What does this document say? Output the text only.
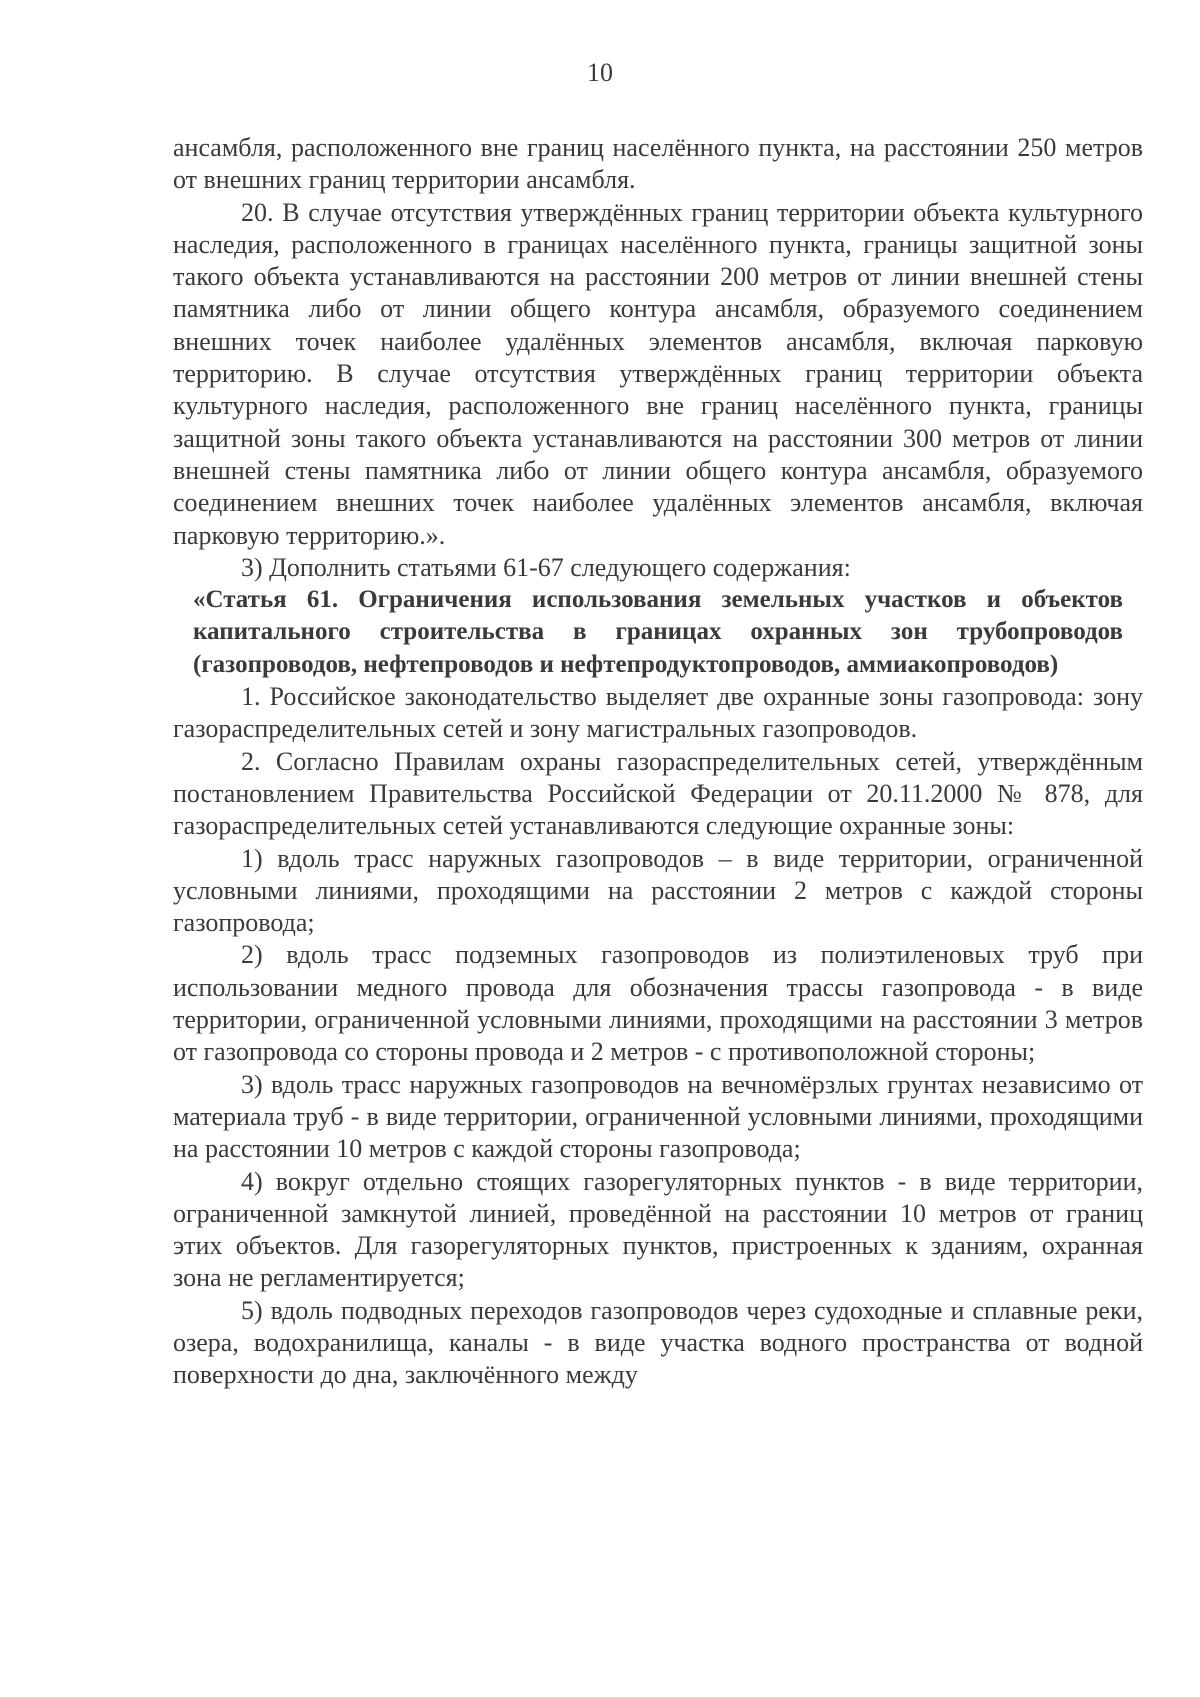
10

ансамбля, расположенного вне границ населённого пункта, на расстоянии 250 метров от внешних границ территории ансамбля.

20. В случае отсутствия утверждённых границ территории объекта культурного наследия, расположенного в границах населённого пункта, границы защитной зоны такого объекта устанавливаются на расстоянии 200 метров от линии внешней стены памятника либо от линии общего контура ансамбля, образуемого соединением внешних точек наиболее удалённых элементов ансамбля, включая парковую территорию. В случае отсутствия утверждённых границ территории объекта культурного наследия, расположенного вне границ населённого пункта, границы защитной зоны такого объекта устанавливаются на расстоянии 300 метров от линии внешней стены памятника либо от линии общего контура ансамбля, образуемого соединением внешних точек наиболее удалённых элементов ансамбля, включая парковую территорию.».

3) Дополнить статьями 61-67 следующего содержания:

«Статья 61. Ограничения использования земельных участков и объектов капитального строительства в границах охранных зон трубопроводов (газопроводов, нефтепроводов и нефтепродуктопроводов, аммиакопроводов)

1. Российское законодательство выделяет две охранные зоны газопровода: зону газораспределительных сетей и зону магистральных газопроводов.

2. Согласно Правилам охраны газораспределительных сетей, утверждённым постановлением Правительства Российской Федерации от 20.11.2000 № 878, для газораспределительных сетей устанавливаются следующие охранные зоны:

1) вдоль трасс наружных газопроводов – в виде территории, ограниченной условными линиями, проходящими на расстоянии 2 метров с каждой стороны газопровода;

2) вдоль трасс подземных газопроводов из полиэтиленовых труб при использовании медного провода для обозначения трассы газопровода - в виде территории, ограниченной условными линиями, проходящими на расстоянии 3 метров от газопровода со стороны провода и 2 метров - с противоположной стороны;

3) вдоль трасс наружных газопроводов на вечномёрзлых грунтах независимо от материала труб - в виде территории, ограниченной условными линиями, проходящими на расстоянии 10 метров с каждой стороны газопровода;

4) вокруг отдельно стоящих газорегуляторных пунктов - в виде территории, ограниченной замкнутой линией, проведённой на расстоянии 10 метров от границ этих объектов. Для газорегуляторных пунктов, пристроенных к зданиям, охранная зона не регламентируется;

5) вдоль подводных переходов газопроводов через судоходные и сплавные реки, озера, водохранилища, каналы - в виде участка водного пространства от водной поверхности до дна, заключённого между
